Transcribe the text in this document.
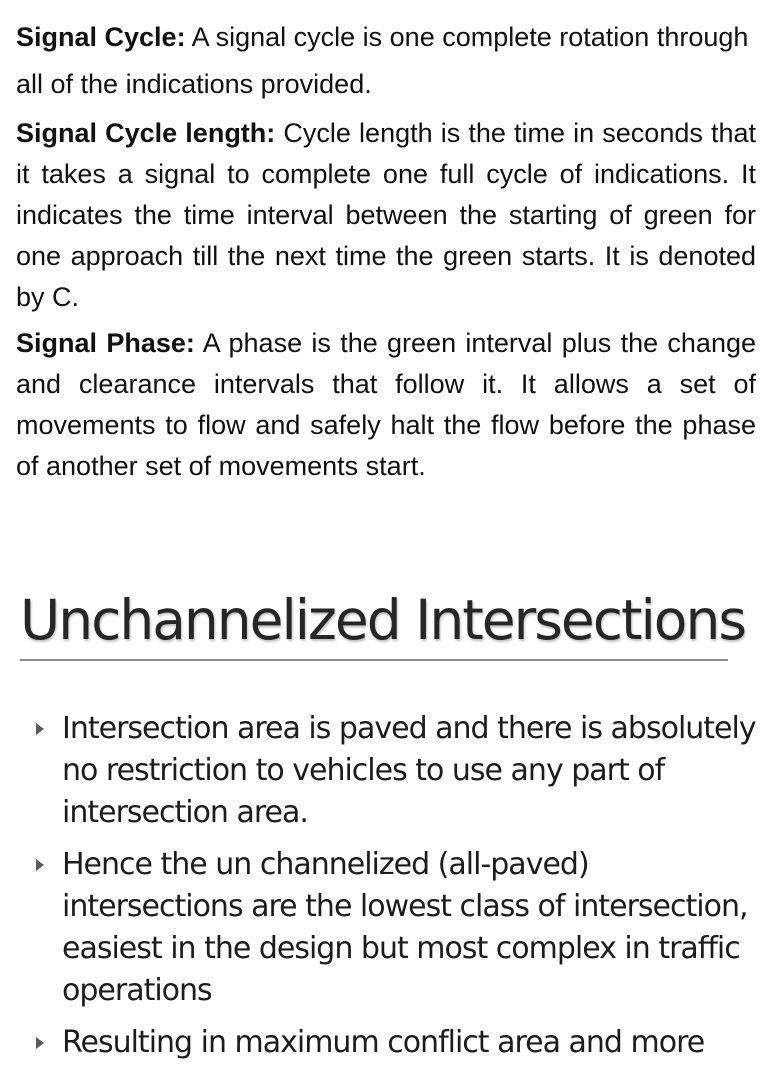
Signal Cycle: A signal cycle is one complete rotation through all of the indications provided.

Signal Cycle length: Cycle length is the time in seconds that it takes a signal to complete one full cycle of indications. It indicates the time interval between the starting of green for one approach till the next time the green starts. It is denoted by C.

Signal Phase: A phase is the green interval plus the change and clearance intervals that follow it. It allows a set of movements to flow and safely halt the flow before the phase of another set of movements start.

Unchannelized Intersections
Intersection area is paved and there is absolutely no restriction to vehicles to use any part of intersection area.
Hence the un channelized (all-paved) intersections are the lowest class of intersection, easiest in the design but most complex in traffic operations
Resulting in maximum conflict area and more
